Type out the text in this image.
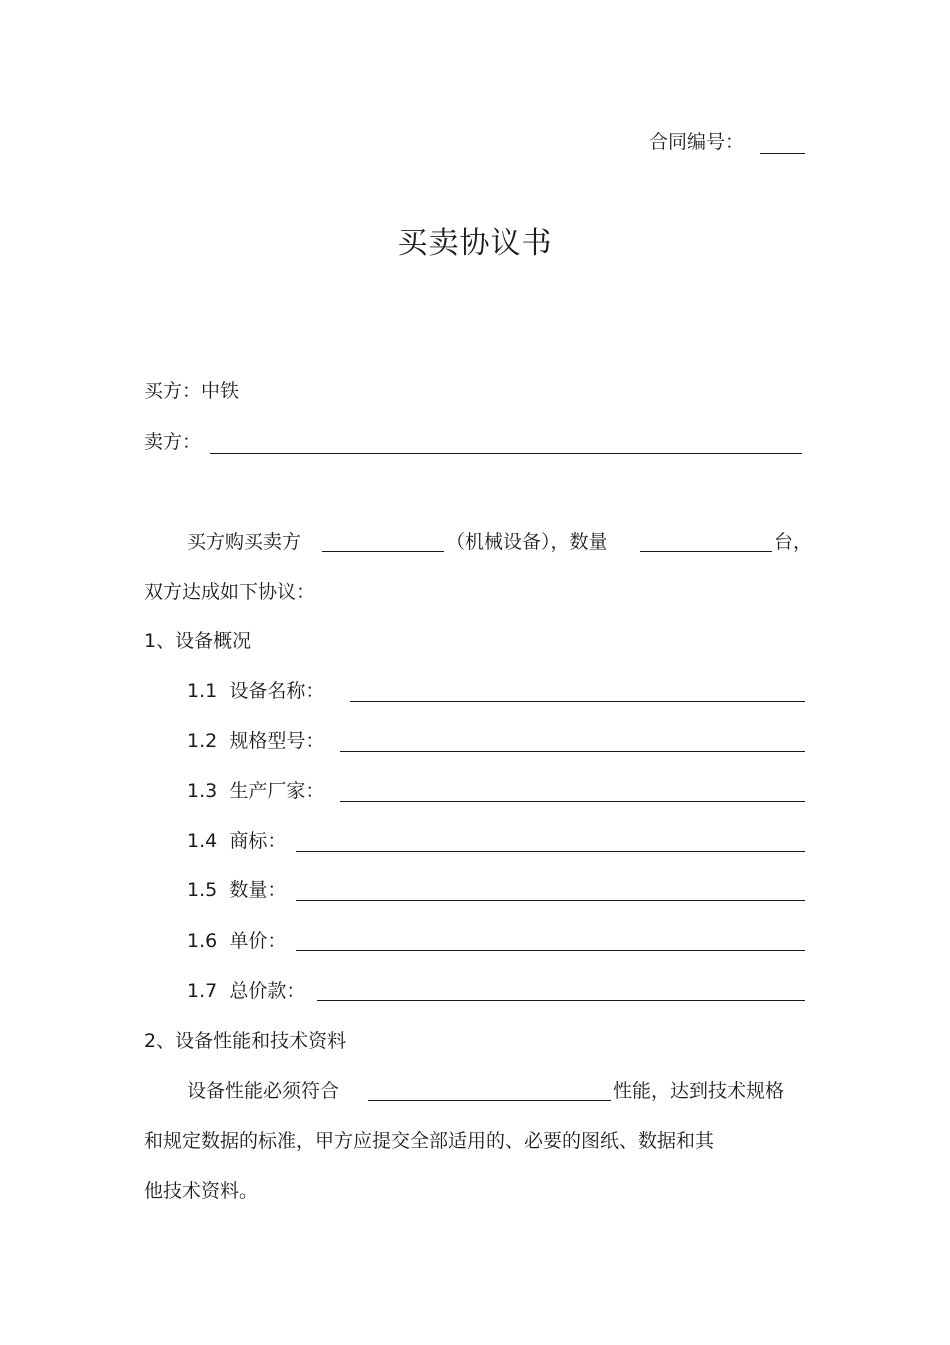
合同编号：
买卖协议书
买方：中铁
卖方：
买方购买卖方	（机械设备），数量	台，
双方达成如下协议：
1、设备概况
1.1 设备名称：
1.2 规格型号：
1.3 生产厂家：
1.4 商标：
1.5 数量：
1.6 单价：
1.7 总价款：
2、设备性能和技术资料
设备性能必须符合	性能，达到技术规格
和规定数据的标准，甲方应提交全部适用的、必要的图纸、数据和其
他技术资料。
